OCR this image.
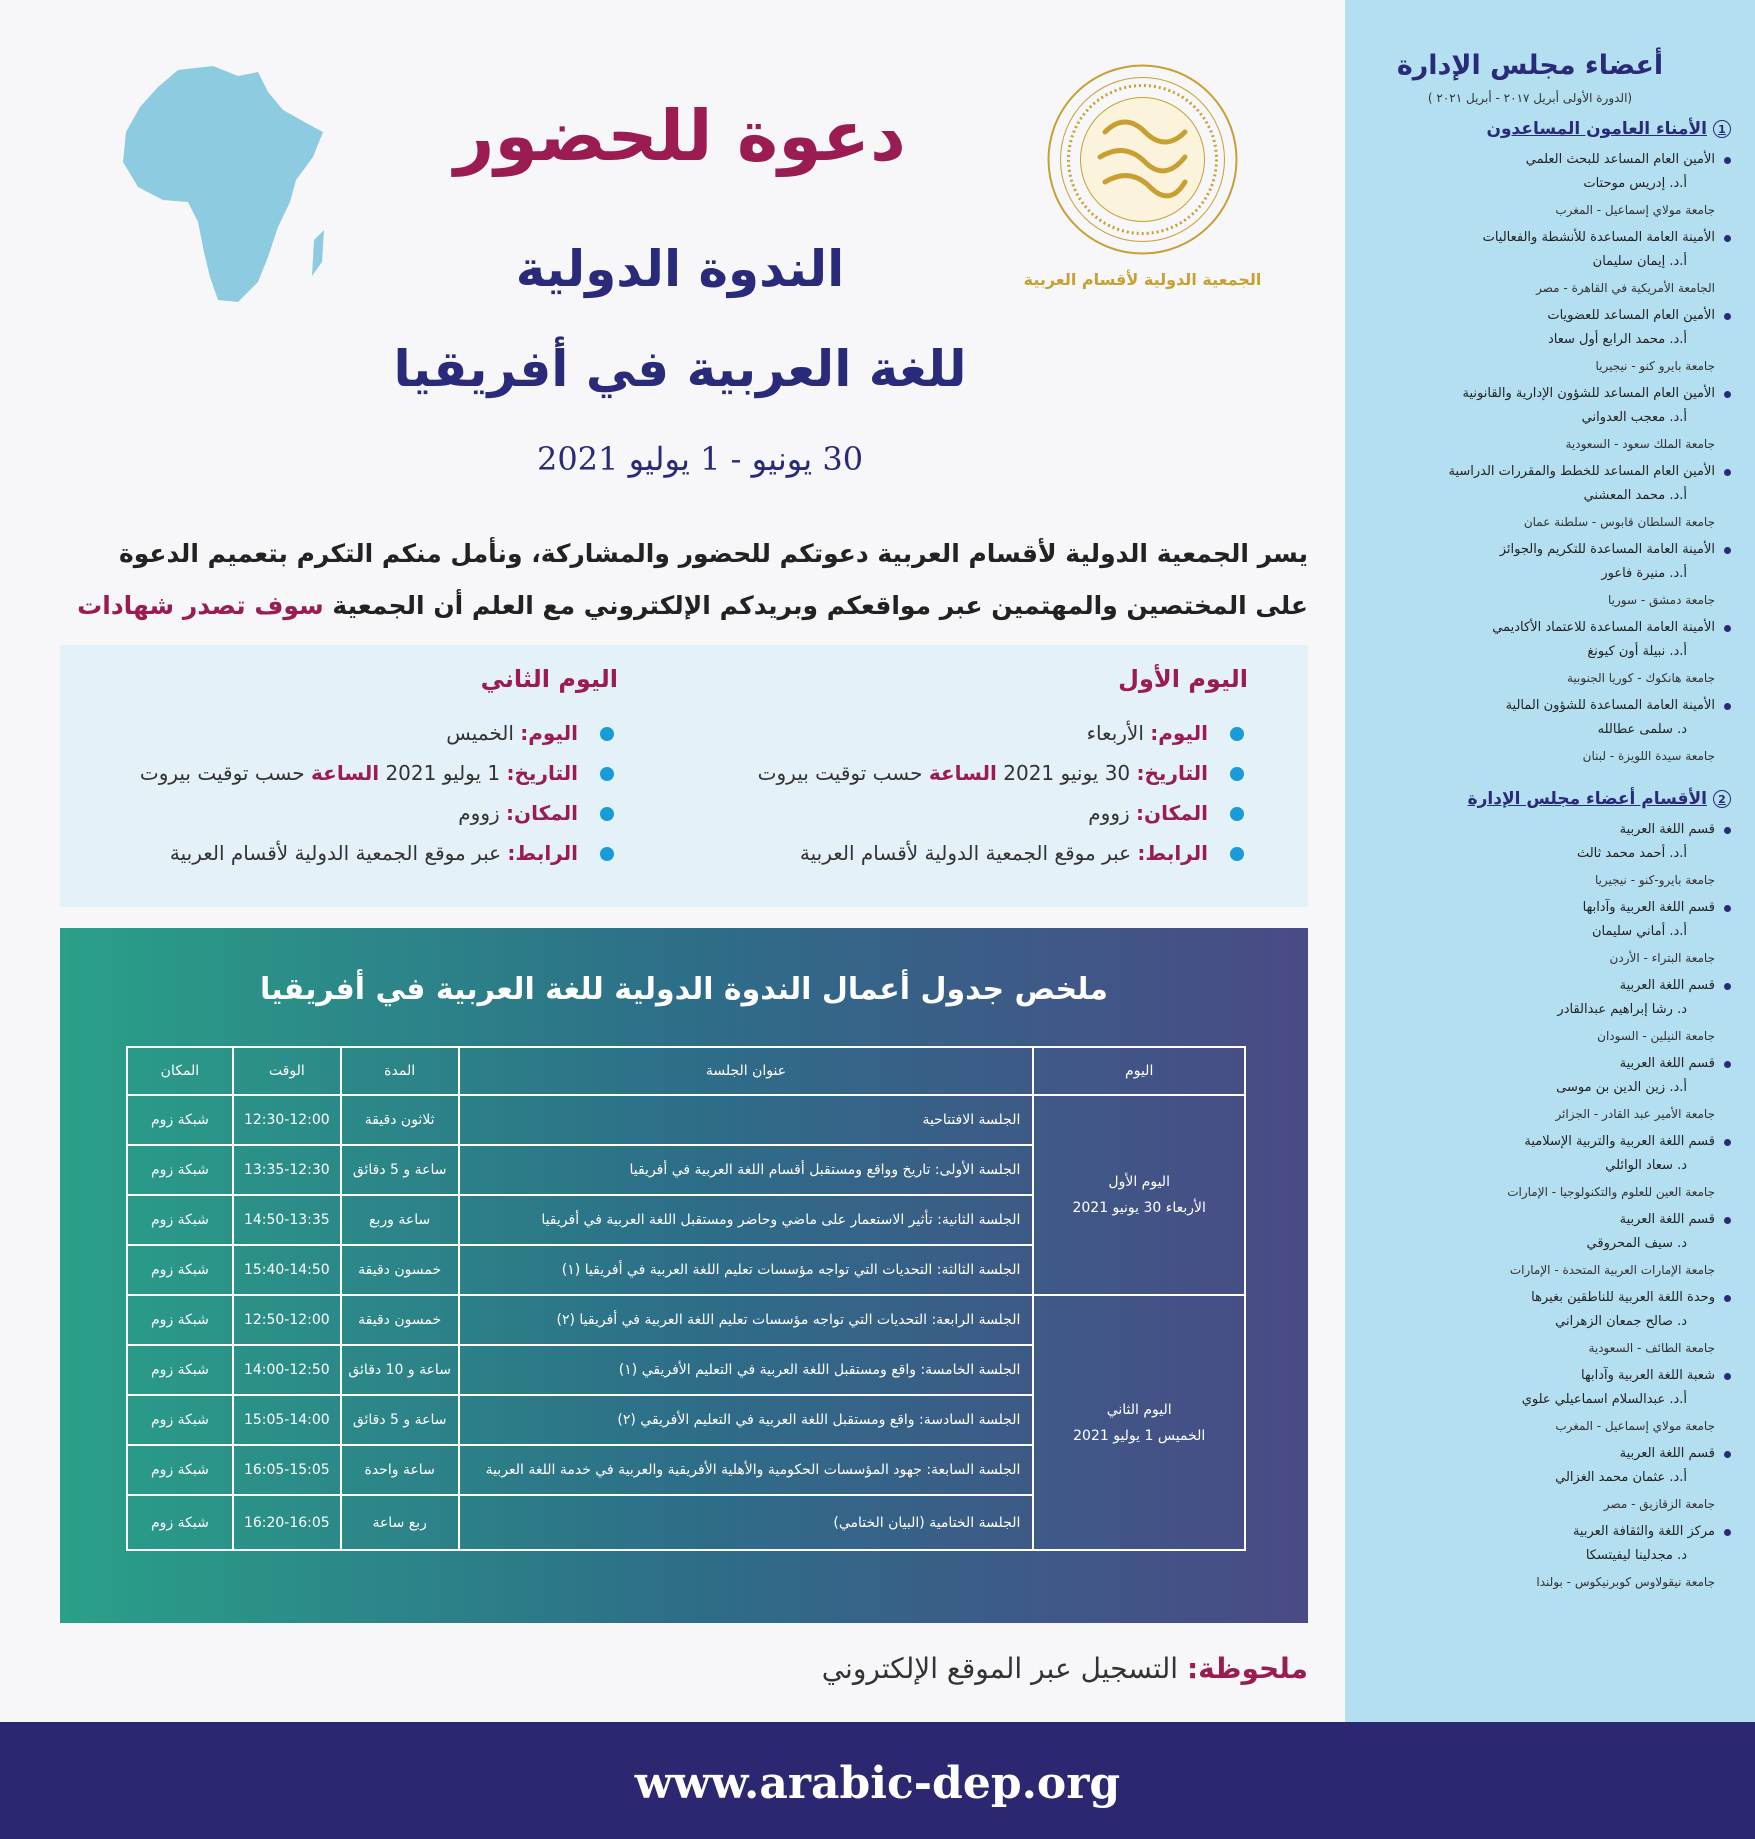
الجمعية الدولية لأقسام العربية
دعوة للحضور
الندوة الدولية
للغة العربية في أفريقيا
30 يونيو - 1 يوليو 2021
يسر الجمعية الدولية لأقسام العربية دعوتكم للحضور والمشاركة، ونأمل منكم التكرم بتعميم الدعوة
على المختصين والمهتمين عبر مواقعكم وبريدكم الإلكتروني مع العلم أن الجمعية سوف تصدر شهادات
اليوم الأول
اليوم: الأربعاء
التاريخ: 30 يونيو 2021 الساعة حسب توقيت بيروت
المكان: زووم
الرابط: عبر موقع الجمعية الدولية لأقسام العربية
اليوم الثاني
اليوم: الخميس
التاريخ: 1 يوليو 2021 الساعة حسب توقيت بيروت
المكان: زووم
الرابط: عبر موقع الجمعية الدولية لأقسام العربية
ملخص جدول أعمال الندوة الدولية للغة العربية في أفريقيا
اليوم	عنوان الجلسة	المدة	الوقت	المكان

اليوم الأول
الأربعاء 30 يونيو 2021	الجلسة الافتتاحية	ثلاثون دقيقة	12:30-12:00	شبكة زوم
	الجلسة الأولى: تاريخ وواقع ومستقبل أقسام اللغة العربية في أفريقيا	ساعة و 5 دقائق	13:35-12:30	شبكة زوم
	الجلسة الثانية: تأثير الاستعمار على ماضي وحاضر ومستقبل اللغة العربية في أفريقيا	ساعة وربع	14:50-13:35	شبكة زوم
	الجلسة الثالثة: التحديات التي تواجه مؤسسات تعليم اللغة العربية في أفريقيا (١)	خمسون دقيقة	15:40-14:50	شبكة زوم

اليوم الثاني
الخميس 1 يوليو 2021	الجلسة الرابعة: التحديات التي تواجه مؤسسات تعليم اللغة العربية في أفريقيا (٢)	خمسون دقيقة	12:50-12:00	شبكة زوم
	الجلسة الخامسة: واقع ومستقبل اللغة العربية في التعليم الأفريقي (١)	ساعة و 10 دقائق	14:00-12:50	شبكة زوم
	الجلسة السادسة: واقع ومستقبل اللغة العربية في التعليم الأفريقي (٢)	ساعة و 5 دقائق	15:05-14:00	شبكة زوم
	الجلسة السابعة: جهود المؤسسات الحكومية والأهلية الأفريقية والعربية في خدمة اللغة العربية	ساعة واحدة	16:05-15:05	شبكة زوم
	الجلسة الختامية (البيان الختامي)	ربع ساعة	16:20-16:05	شبكة زوم
ملحوظة: التسجيل عبر الموقع الإلكتروني
أعضاء مجلس الإدارة
(الدورة الأولى أبريل ٢٠١٧ - أبريل ٢٠٢١ )
1
الأمناء العامون المساعدون
الأمين العام المساعد للبحث العلمي
أ.د. إدريس موحتات
جامعة مولاي إسماعيل - المغرب
الأمينة العامة المساعدة للأنشطة والفعاليات
أ.د. إيمان سليمان
الجامعة الأمريكية في القاهرة - مصر
الأمين العام المساعد للعضويات
أ.د. محمد الرابع أول سعاد
جامعة بايرو كنو - نيجيريا
الأمين العام المساعد للشؤون الإدارية والقانونية
أ.د. معجب العدواني
جامعة الملك سعود - السعودية
الأمين العام المساعد للخطط والمقررات الدراسية
أ.د. محمد المعشني
جامعة السلطان قابوس - سلطنة عمان
الأمينة العامة المساعدة للتكريم والجوائز
أ.د. منيرة فاعور
جامعة دمشق - سوريا
الأمينة العامة المساعدة للاعتماد الأكاديمي
أ.د. نبيلة أون كيونغ
جامعة هانكوك - كوريا الجنوبية
الأمينة العامة المساعدة للشؤون المالية
د. سلمى عطالله
جامعة سيدة اللويزة - لبنان
2
الأقسام أعضاء مجلس الإدارة
قسم اللغة العربية
أ.د. أحمد محمد ثالث
جامعة بايرو-كنو - نيجيريا
قسم اللغة العربية وآدابها
أ.د. أماني سليمان
جامعة البتراء - الأردن
قسم اللغة العربية
د. رشا إبراهيم عبدالقادر
جامعة النيلين - السودان
قسم اللغة العربية
أ.د. زين الدين بن موسى
جامعة الأمير عبد القادر - الجزائر
قسم اللغة العربية والتربية الإسلامية
د. سعاد الوائلي
جامعة العين للعلوم والتكنولوجيا - الإمارات
قسم اللغة العربية
د. سيف المحروقي
جامعة الإمارات العربية المتحدة - الإمارات
وحدة اللغة العربية للناطقين بغيرها
د. صالح جمعان الزهراني
جامعة الطائف - السعودية
شعبة اللغة العربية وآدابها
أ.د. عبدالسلام اسماعيلي علوي
جامعة مولاي إسماعيل - المغرب
قسم اللغة العربية
أ.د. عثمان محمد الغزالي
جامعة الزقازيق - مصر
مركز اللغة والثقافة العربية
د. مجدلينا ليفيتسكا
جامعة نيقولاوس كوبرنيكوس - بولندا
www.arabic-dep.org
